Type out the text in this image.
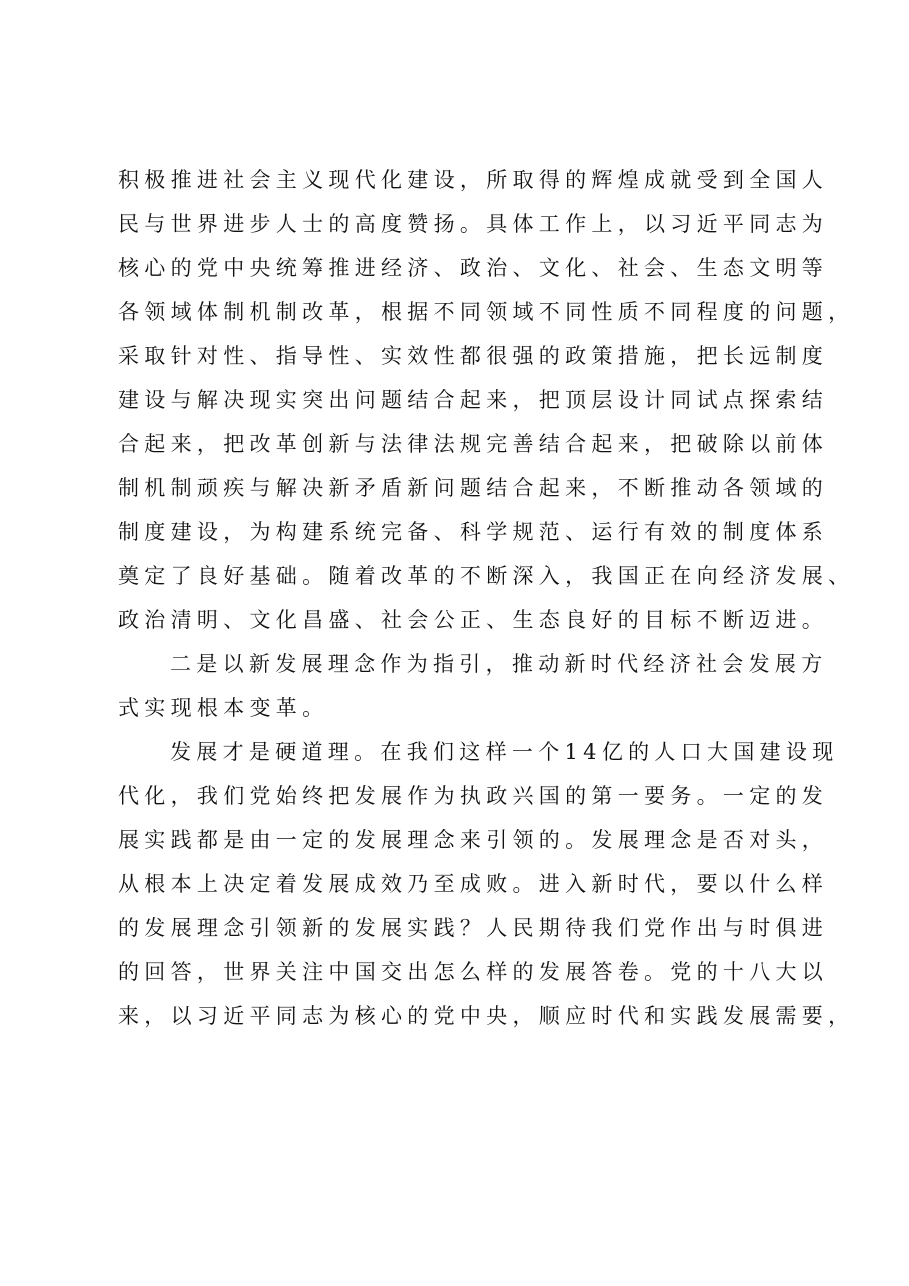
积极推进社会主义现代化建设，所取得的辉煌成就受到全国人
民与世界进步人士的高度赞扬。具体工作上，以习近平同志为
核心的党中央统筹推进经济、政治、文化、社会、生态文明等
各领域体制机制改革，根据不同领域不同性质不同程度的问题，
采取针对性、指导性、实效性都很强的政策措施，把长远制度
建设与解决现实突出问题结合起来，把顶层设计同试点探索结
合起来，把改革创新与法律法规完善结合起来，把破除以前体
制机制顽疾与解决新矛盾新问题结合起来，不断推动各领域的
制度建设，为构建系统完备、科学规范、运行有效的制度体系
奠定了良好基础。随着改革的不断深入，我国正在向经济发展、
政治清明、文化昌盛、社会公正、生态良好的目标不断迈进。
二是以新发展理念作为指引，推动新时代经济社会发展方
式实现根本变革。
发展才是硬道理。在我们这样一个14亿的人口大国建设现
代化，我们党始终把发展作为执政兴国的第一要务。一定的发
展实践都是由一定的发展理念来引领的。发展理念是否对头，
从根本上决定着发展成效乃至成败。进入新时代，要以什么样
的发展理念引领新的发展实践？人民期待我们党作出与时俱进
的回答，世界关注中国交出怎么样的发展答卷。党的十八大以
来，以习近平同志为核心的党中央，顺应时代和实践发展需要，
